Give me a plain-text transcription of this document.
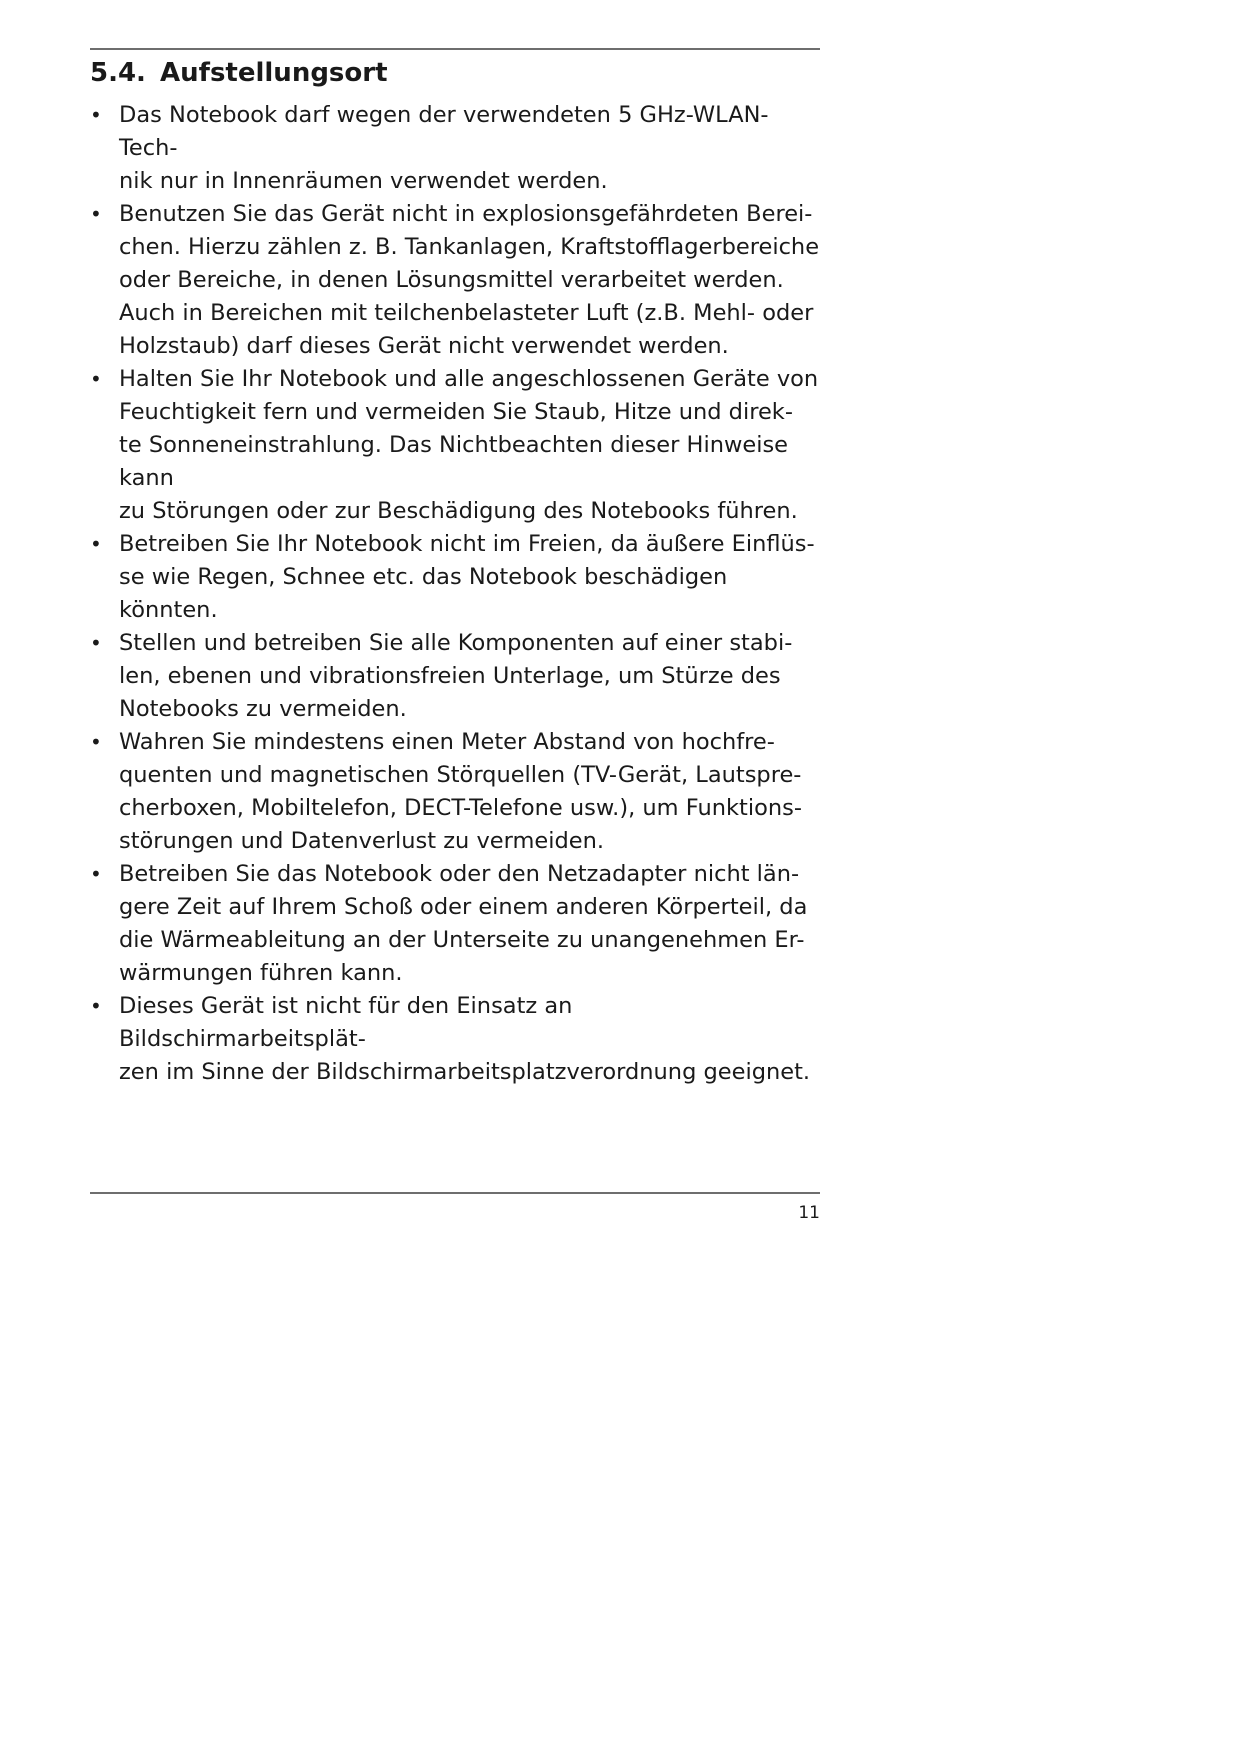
5.4. Aufstellungsort
• Das Notebook darf wegen der verwendeten 5 GHz-WLAN-Tech-
nik nur in Innenräumen verwendet werden.
• Benutzen Sie das Gerät nicht in explosionsgefährdeten Berei-
chen. Hierzu zählen z. B. Tankanlagen, Kraftstofflagerbereiche
oder Bereiche, in denen Lösungsmittel verarbeitet werden.
Auch in Bereichen mit teilchenbelasteter Luft (z.B. Mehl- oder
Holzstaub) darf dieses Gerät nicht verwendet werden.
• Halten Sie Ihr Notebook und alle angeschlossenen Geräte von
Feuchtigkeit fern und vermeiden Sie Staub, Hitze und direk-
te Sonneneinstrahlung. Das Nichtbeachten dieser Hinweise kann
zu Störungen oder zur Beschädigung des Notebooks führen.
• Betreiben Sie Ihr Notebook nicht im Freien, da äußere Einflüs-
se wie Regen, Schnee etc. das Notebook beschädigen könnten.
• Stellen und betreiben Sie alle Komponenten auf einer stabi-
len, ebenen und vibrationsfreien Unterlage, um Stürze des
Notebooks zu vermeiden.
• Wahren Sie mindestens einen Meter Abstand von hochfre-
quenten und magnetischen Störquellen (TV-Gerät, Lautspre-
cherboxen, Mobiltelefon, DECT-Telefone usw.), um Funktions-
störungen und Datenverlust zu vermeiden.
• Betreiben Sie das Notebook oder den Netzadapter nicht län-
gere Zeit auf Ihrem Schoß oder einem anderen Körperteil, da
die Wärmeableitung an der Unterseite zu unangenehmen Er-
wärmungen führen kann.
• Dieses Gerät ist nicht für den Einsatz an Bildschirmarbeitsplät-
zen im Sinne der Bildschirmarbeitsplatzverordnung geeignet.
11
